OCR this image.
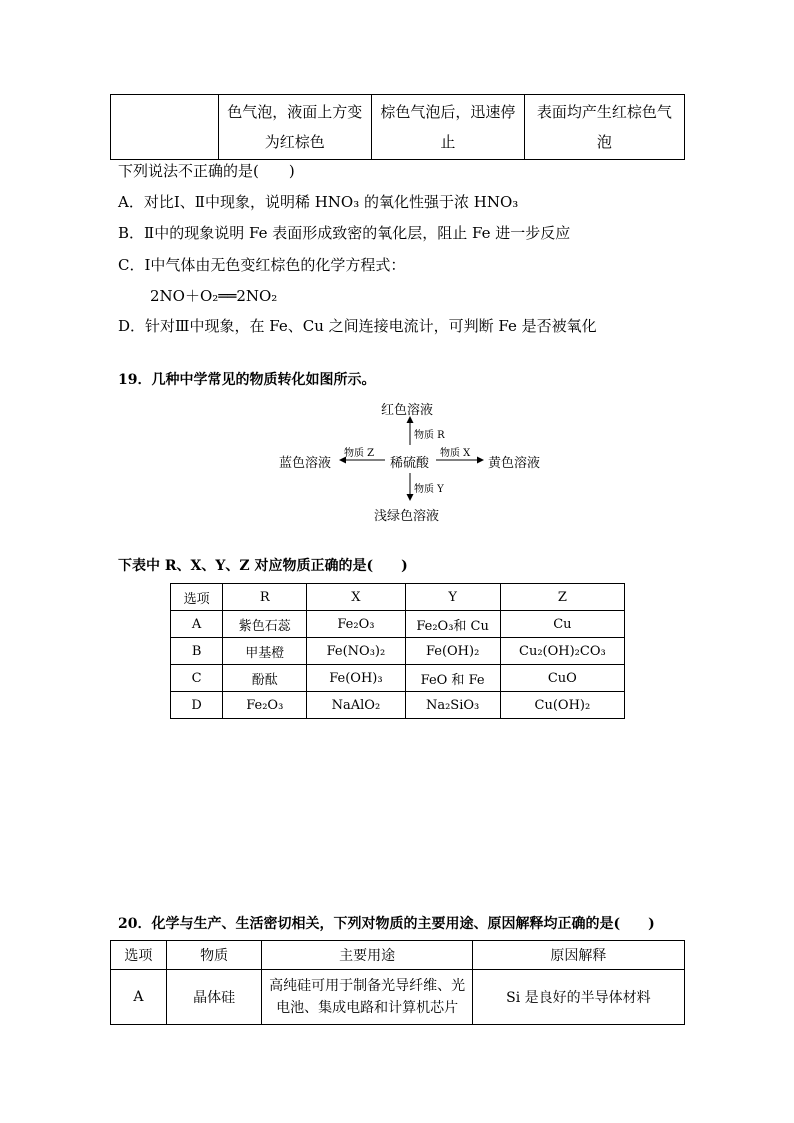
	色气泡，液面上方变为红棕色	棕色气泡后，迅速停止	表面均产生红棕色气泡
下列说法不正确的是(　　)
A．对比Ⅰ、Ⅱ中现象，说明稀 HNO₃ 的氧化性强于浓 HNO₃
B．Ⅱ中的现象说明 Fe 表面形成致密的氧化层，阻止 Fe 进一步反应
C．Ⅰ中气体由无色变红棕色的化学方程式：
2NO＋O₂══2NO₂
D．针对Ⅲ中现象，在 Fe、Cu 之间连接电流计，可判断 Fe 是否被氧化
19．几种中学常见的物质转化如图所示。
红色溶液
物质 R
蓝色溶液
物质 Z
稀硫酸
物质 X
黄色溶液
物质 Y
浅绿色溶液
下表中 R、X、Y、Z 对应物质正确的是(　　)
选项	R	X	Y	Z
A	紫色石蕊	Fe₂O₃	Fe₂O₃和 Cu	Cu
B	甲基橙	Fe(NO₃)₂	Fe(OH)₂	Cu₂(OH)₂CO₃
C	酚酞	Fe(OH)₃	FeO 和 Fe	CuO
D	Fe₂O₃	NaAlO₂	Na₂SiO₃	Cu(OH)₂
20．化学与生产、生活密切相关，下列对物质的主要用途、原因解释均正确的是(　　)
选项	物质	主要用途	原因解释
A	晶体硅	高纯硅可用于制备光导纤维、光电池、集成电路和计算机芯片	Si 是良好的半导体材料
